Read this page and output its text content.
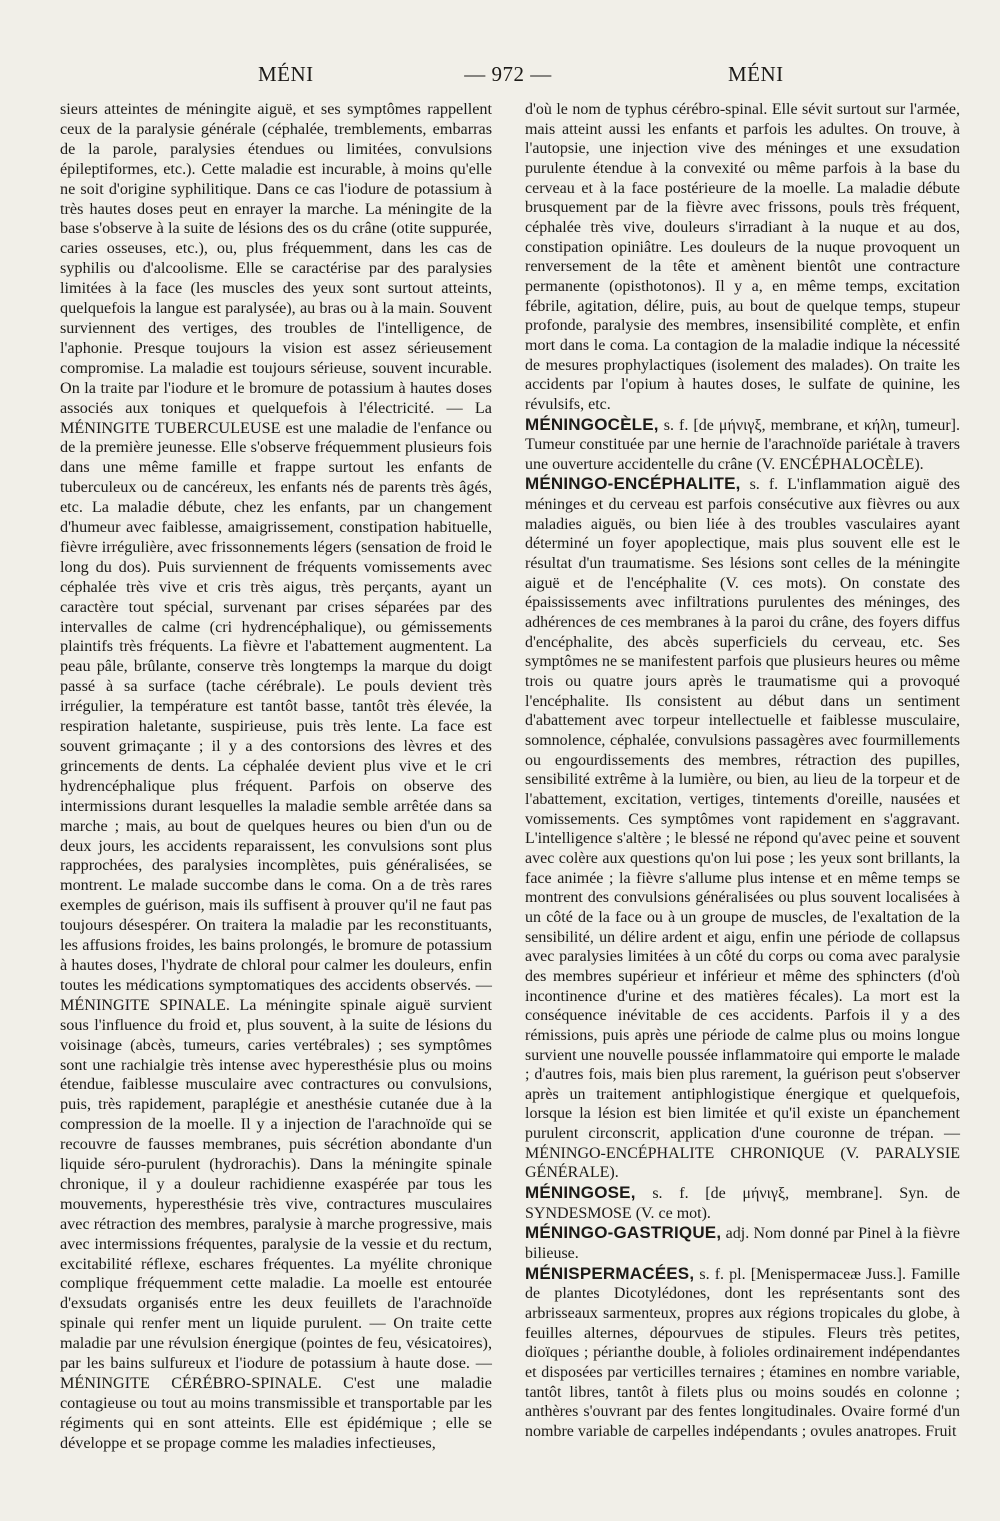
MÉNI	— 972 —	MÉNI

sieurs atteintes de méningite aiguë, et ses symptômes rappellent ceux de la paralysie générale (céphalée, tremblements, embarras de la parole, paralysies étendues ou limitées, convulsions épileptiformes, etc.). Cette maladie est incurable, à moins qu'elle ne soit d'origine syphilitique. Dans ce cas l'iodure de potassium à très hautes doses peut en enrayer la marche. La méningite de la base s'observe à la suite de lésions des os du crâne (otite suppurée, caries osseuses, etc.), ou, plus fréquemment, dans les cas de syphilis ou d'alcoolisme. Elle se caractérise par des paralysies limitées à la face (les muscles des yeux sont surtout atteints, quelquefois la langue est paralysée), au bras ou à la main. Souvent surviennent des vertiges, des troubles de l'intelligence, de l'aphonie. Presque toujours la vision est assez sérieusement compromise. La maladie est toujours sérieuse, souvent incurable. On la traite par l'iodure et le bromure de potassium à hautes doses associés aux toniques et quelquefois à l'électricité. — La MÉNINGITE TUBERCULEUSE est une maladie de l'enfance ou de la première jeunesse. Elle s'observe fréquemment plusieurs fois dans une même famille et frappe surtout les enfants de tuberculeux ou de cancéreux, les enfants nés de parents très âgés, etc. La maladie débute, chez les enfants, par un changement d'humeur avec faiblesse, amaigrissement, constipation habituelle, fièvre irrégulière, avec frissonnements légers (sensation de froid le long du dos). Puis surviennent de fréquents vomissements avec céphalée très vive et cris très aigus, très perçants, ayant un caractère tout spécial, survenant par crises séparées par des intervalles de calme (cri hydrencéphalique), ou gémissements plaintifs très fréquents. La fièvre et l'abattement augmentent. La peau pâle, brûlante, conserve très longtemps la marque du doigt passé à sa surface (tache cérébrale). Le pouls devient très irrégulier, la température est tantôt basse, tantôt très élevée, la respiration haletante, suspirieuse, puis très lente. La face est souvent grimaçante ; il y a des contorsions des lèvres et des grincements de dents. La céphalée devient plus vive et le cri hydrencéphalique plus fréquent. Parfois on observe des intermissions durant lesquelles la maladie semble arrêtée dans sa marche ; mais, au bout de quelques heures ou bien d'un ou de deux jours, les accidents reparaissent, les convulsions sont plus rapprochées, des paralysies incomplètes, puis généralisées, se montrent. Le malade succombe dans le coma. On a de très rares exemples de guérison, mais ils suffisent à prouver qu'il ne faut pas toujours désespérer. On traitera la maladie par les reconstituants, les affusions froides, les bains prolongés, le bromure de potassium à hautes doses, l'hydrate de chloral pour calmer les douleurs, enfin toutes les médications symptomatiques des accidents observés. — MÉNINGITE SPINALE. La méningite spinale aiguë survient sous l'influence du froid et, plus souvent, à la suite de lésions du voisinage (abcès, tumeurs, caries vertébrales) ; ses symptômes sont une rachialgie très intense avec hyperesthésie plus ou moins étendue, faiblesse musculaire avec contractures ou convulsions, puis, très rapidement, paraplégie et anesthésie cutanée due à la compression de la moelle. Il y a injection de l'arachnoïde qui se recouvre de fausses membranes, puis sécrétion abondante d'un liquide séro-purulent (hydrorachis). Dans la méningite spinale chronique, il y a douleur rachidienne exaspérée par tous les mouvements, hyperesthésie très vive, contractures musculaires avec rétraction des membres, paralysie à marche progressive, mais avec intermissions fréquentes, paralysie de la vessie et du rectum, excitabilité réflexe, eschares fréquentes. La myélite chronique complique fréquemment cette maladie. La moelle est entourée d'exsudats organisés entre les deux feuillets de l'arachnoïde spinale qui renfer ment un liquide purulent. — On traite cette maladie par une révulsion énergique (pointes de feu, vésicatoires), par les bains sulfureux et l'iodure de potassium à haute dose. — MÉNINGITE CÉRÉBRO-SPINALE. C'est une maladie contagieuse ou tout au moins transmissible et transportable par les régiments qui en sont atteints. Elle est épidémique ; elle se développe et se propage comme les maladies infectieuses,

d'où le nom de typhus cérébro-spinal. Elle sévit surtout sur l'armée, mais atteint aussi les enfants et parfois les adultes. On trouve, à l'autopsie, une injection vive des méninges et une exsudation purulente étendue à la convexité ou même parfois à la base du cerveau et à la face postérieure de la moelle. La maladie débute brusquement par de la fièvre avec frissons, pouls très fréquent, céphalée très vive, douleurs s'irradiant à la nuque et au dos, constipation opiniâtre. Les douleurs de la nuque provoquent un renversement de la tête et amènent bientôt une contracture permanente (opisthotonos). Il y a, en même temps, excitation fébrile, agitation, délire, puis, au bout de quelque temps, stupeur profonde, paralysie des membres, insensibilité complète, et enfin mort dans le coma. La contagion de la maladie indique la nécessité de mesures prophylactiques (isolement des malades). On traite les accidents par l'opium à hautes doses, le sulfate de quinine, les révulsifs, etc.

MÉNINGOCÈLE, s. f. [de μήνιγξ, membrane, et κήλη, tumeur]. Tumeur constituée par une hernie de l'arachnoïde pariétale à travers une ouverture accidentelle du crâne (V. ENCÉPHALOCÈLE).

MÉNINGO-ENCÉPHALITE, s. f. L'inflammation aiguë des méninges et du cerveau est parfois consécutive aux fièvres ou aux maladies aiguës, ou bien liée à des troubles vasculaires ayant déterminé un foyer apoplectique, mais plus souvent elle est le résultat d'un traumatisme. Ses lésions sont celles de la méningite aiguë et de l'encéphalite (V. ces mots). On constate des épaississements avec infiltrations purulentes des méninges, des adhérences de ces membranes à la paroi du crâne, des foyers diffus d'encéphalite, des abcès superficiels du cerveau, etc. Ses symptômes ne se manifestent parfois que plusieurs heures ou même trois ou quatre jours après le traumatisme qui a provoqué l'encéphalite. Ils consistent au début dans un sentiment d'abattement avec torpeur intellectuelle et faiblesse musculaire, somnolence, céphalée, convulsions passagères avec fourmillements ou engourdissements des membres, rétraction des pupilles, sensibilité extrême à la lumière, ou bien, au lieu de la torpeur et de l'abattement, excitation, vertiges, tintements d'oreille, nausées et vomissements. Ces symptômes vont rapidement en s'aggravant. L'intelligence s'altère ; le blessé ne répond qu'avec peine et souvent avec colère aux questions qu'on lui pose ; les yeux sont brillants, la face animée ; la fièvre s'allume plus intense et en même temps se montrent des convulsions généralisées ou plus souvent localisées à un côté de la face ou à un groupe de muscles, de l'exaltation de la sensibilité, un délire ardent et aigu, enfin une période de collapsus avec paralysies limitées à un côté du corps ou coma avec paralysie des membres supérieur et inférieur et même des sphincters (d'où incontinence d'urine et des matières fécales). La mort est la conséquence inévitable de ces accidents. Parfois il y a des rémissions, puis après une période de calme plus ou moins longue survient une nouvelle poussée inflammatoire qui emporte le malade ; d'autres fois, mais bien plus rarement, la guérison peut s'observer après un traitement antiphlogistique énergique et quelquefois, lorsque la lésion est bien limitée et qu'il existe un épanchement purulent circonscrit, application d'une couronne de trépan. — MÉNINGO-ENCÉPHALITE CHRONIQUE (V. PARALYSIE GÉNÉRALE).

MÉNINGOSE, s. f. [de μήνιγξ, membrane]. Syn. de SYNDESMOSE (V. ce mot).

MÉNINGO-GASTRIQUE, adj. Nom donné par Pinel à la fièvre bilieuse.

MÉNISPERMACÉES, s. f. pl. [Menispermaceæ Juss.]. Famille de plantes Dicotylédones, dont les représentants sont des arbrisseaux sarmenteux, propres aux régions tropicales du globe, à feuilles alternes, dépourvues de stipules. Fleurs très petites, dioïques ; périanthe double, à folioles ordinairement indépendantes et disposées par verticilles ternaires ; étamines en nombre variable, tantôt libres, tantôt à filets plus ou moins soudés en colonne ; anthères s'ouvrant par des fentes longitudinales. Ovaire formé d'un nombre variable de carpelles indépendants ; ovules anatropes. Fruit
